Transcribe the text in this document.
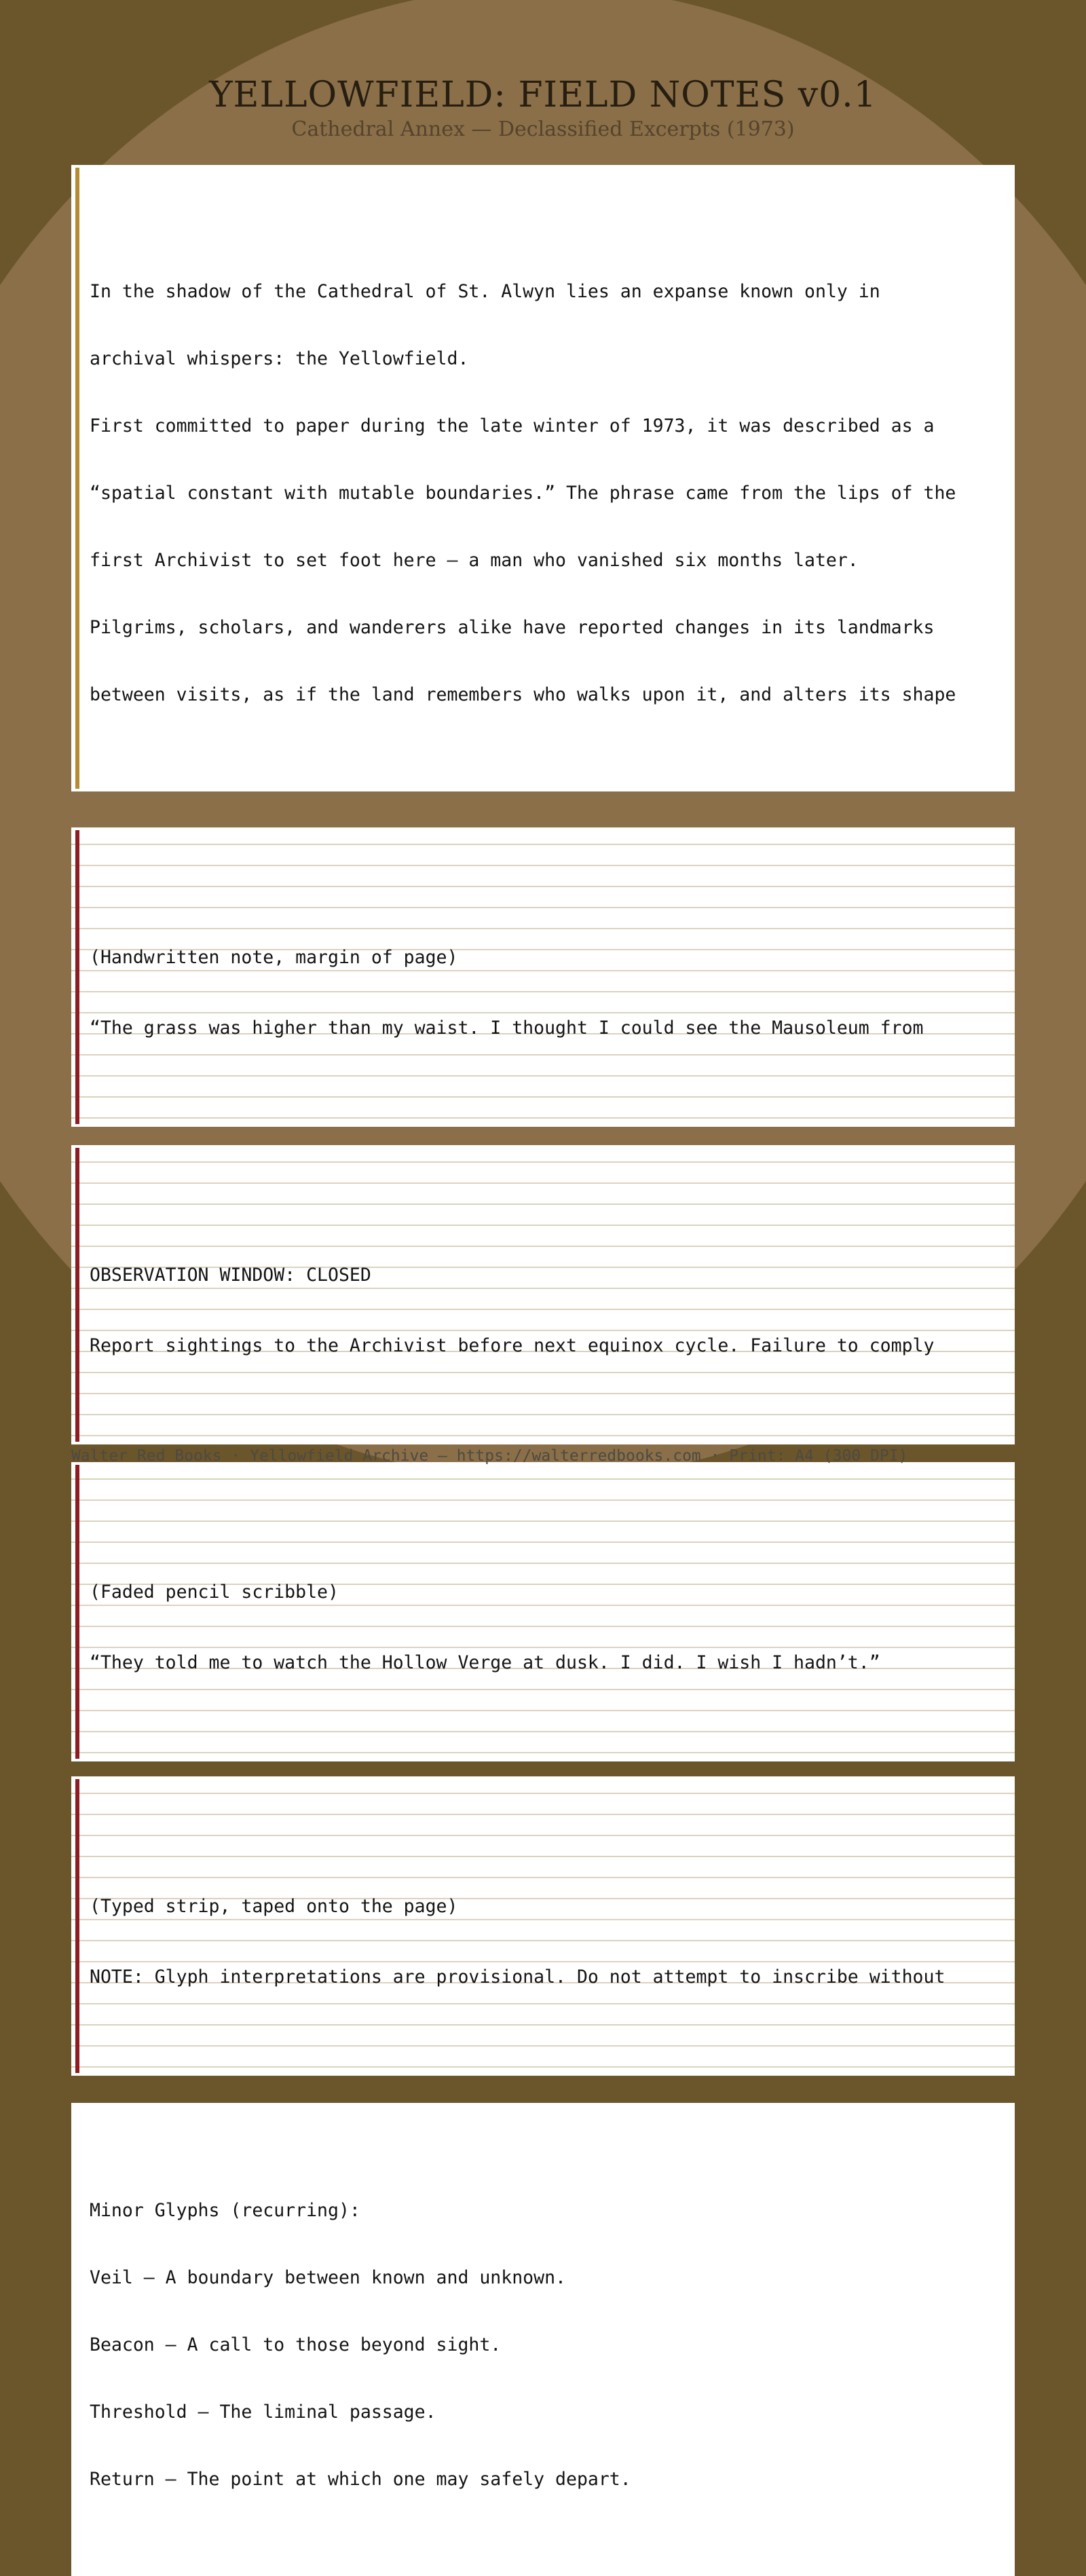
YELLOWFIELD: FIELD NOTES v0.1
Cathedral Annex — Declassified Excerpts (1973)

In the shadow of the Cathedral of St. Alwyn lies an expanse known only in

archival whispers: the Yellowfield.

First committed to paper during the late winter of 1973, it was described as a

“spatial constant with mutable boundaries.” The phrase came from the lips of the

first Archivist to set foot here — a man who vanished six months later.

Pilgrims, scholars, and wanderers alike have reported changes in its landmarks

between visits, as if the land remembers who walks upon it, and alters its shape

(Handwritten note, margin of page)

“The grass was higher than my waist. I thought I could see the Mausoleum from

OBSERVATION WINDOW: CLOSED

Report sightings to the Archivist before next equinox cycle. Failure to comply

(Faded pencil scribble)

“They told me to watch the Hollow Verge at dusk. I did. I wish I hadn’t.”

(Typed strip, taped onto the page)

NOTE: Glyph interpretations are provisional. Do not attempt to inscribe without

Minor Glyphs (recurring):

Veil — A boundary between known and unknown.

Beacon — A call to those beyond sight.

Threshold — The liminal passage.

Return — The point at which one may safely depart.

Walter Red Books · Yellowfield Archive — https://walterredbooks.com · Print: A4 (300 DPI)
